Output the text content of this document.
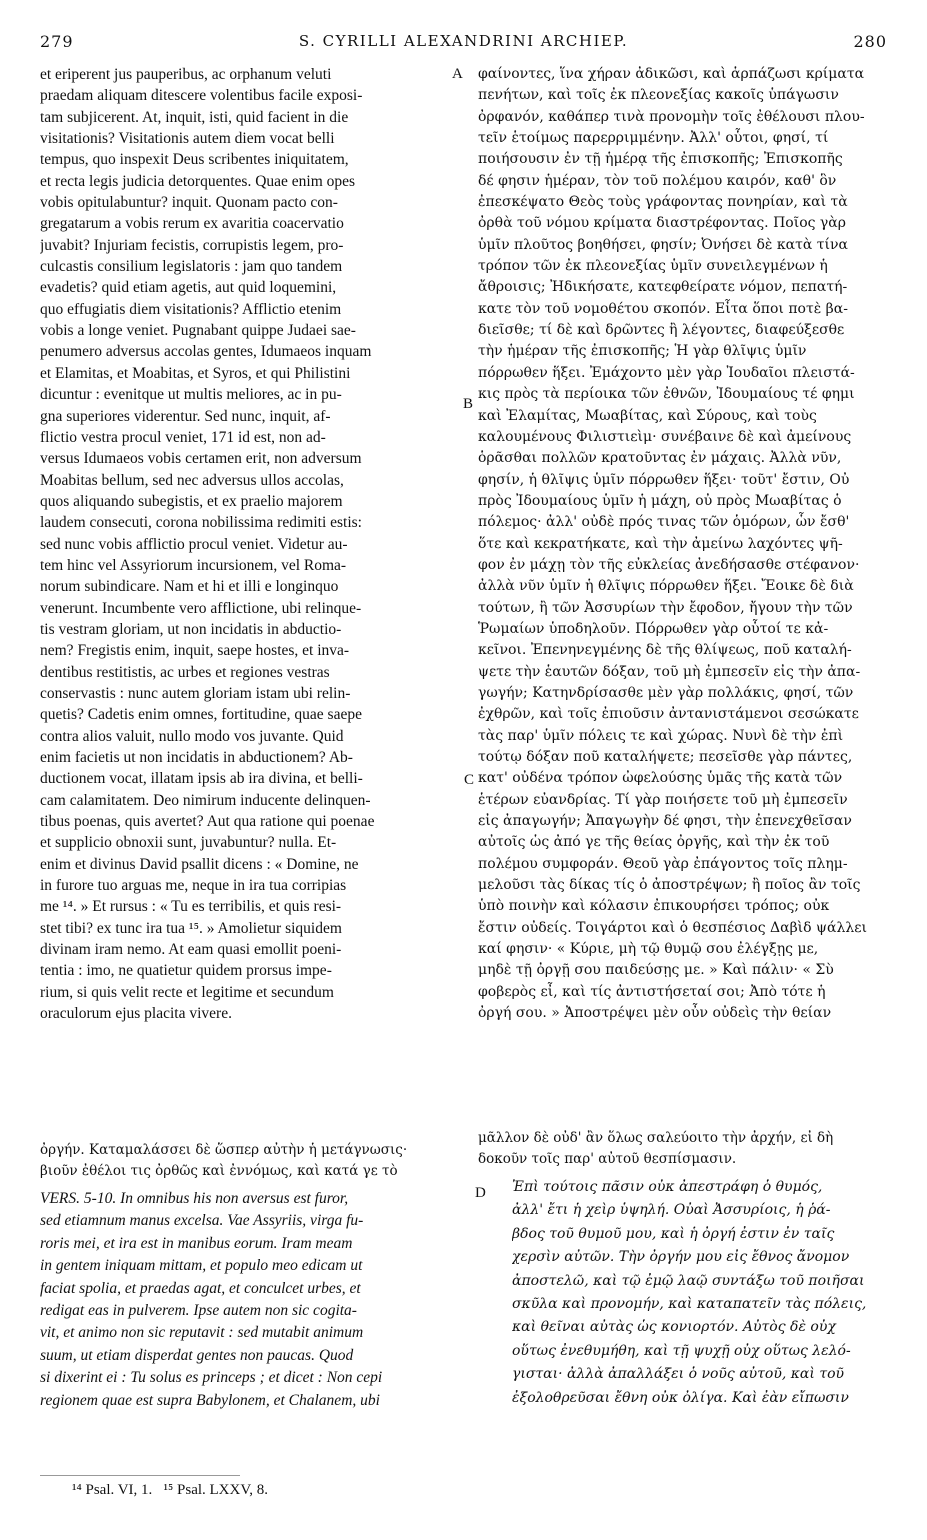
279	S. CYRILLI ALEXANDRINI ARCHIEP.	280

et eriperent jus pauperibus, ac orphanum veluti
praedam aliquam ditescere volentibus facile exposi-
tam subjicerent. At, inquit, isti, quid facient in die
visitationis? Visitationis autem diem vocat belli
tempus, quo inspexit Deus scribentes iniquitatem,
et recta legis judicia detorquentes. Quae enim opes
vobis opitulabuntur? inquit. Quonam pacto con-
gregatarum a vobis rerum ex avaritia coacervatio
juvabit? Injuriam fecistis, corrupistis legem, pro-
culcastis consilium legislatoris : jam quo tandem
evadetis? quid etiam agetis, aut quid loquemini,
quo effugiatis diem visitationis? Afflictio etenim
vobis a longe veniet. Pugnabant quippe Judaei sae-
penumero adversus accolas gentes, Idumaeos inquam
et Elamitas, et Moabitas, et Syros, et qui Philistini
dicuntur : evenitque ut multis meliores, ac in pu-
gna superiores viderentur. Sed nunc, inquit, af-
flictio vestra procul veniet, 171 id est, non ad-
versus Idumaeos vobis certamen erit, non adversum
Moabitas bellum, sed nec adversus ullos accolas,
quos aliquando subegistis, et ex praelio majorem
laudem consecuti, corona nobilissima redimiti estis:
sed nunc vobis afflictio procul veniet. Videtur au-
tem hinc vel Assyriorum incursionem, vel Roma-
norum subindicare. Nam et hi et illi e longinquo
venerunt. Incumbente vero afflictione, ubi relinque-
tis vestram gloriam, ut non incidatis in abductio-
nem? Fregistis enim, inquit, saepe hostes, et inva-
dentibus restitistis, ac urbes et regiones vestras
conservastis : nunc autem gloriam istam ubi relin-
quetis? Cadetis enim omnes, fortitudine, quae saepe
contra alios valuit, nullo modo vos juvante. Quid
enim facietis ut non incidatis in abductionem? Ab-
ductionem vocat, illatam ipsis ab ira divina, et belli-
cam calamitatem. Deo nimirum inducente delinquen-
tibus poenas, quis avertet? Aut qua ratione qui poenae
et supplicio obnoxii sunt, juvabuntur? nulla. Et-
enim et divinus David psallit dicens : « Domine, ne
in furore tuo arguas me, neque in ira tua corripias
me ¹⁴. » Et rursus : « Tu es terribilis, et quis resi-
stet tibi? ex tunc ira tua ¹⁵. » Amolietur siquidem
divinam iram nemo. At eam quasi emollit poeni-
tentia : imo, ne quatietur quidem prorsus impe-
rium, si quis velit recte et legitime et secundum
oraculorum ejus placita vivere.

φαίνοντες, ἵνα χήραν ἀδικῶσι, καὶ ἁρπάζωσι κρίματα
πενήτων, καὶ τοῖς ἐκ πλεονεξίας κακοῖς ὑπάγωσιν
ὀρφανόν, καθάπερ τινὰ προνομὴν τοῖς ἐθέλουσι πλου-
τεῖν ἑτοίμως παρερριμμένην. Ἀλλ' οὗτοι, φησί, τί
ποιήσουσιν ἐν τῇ ἡμέρᾳ τῆς ἐπισκοπῆς; Ἐπισκοπῆς
δέ φησιν ἡμέραν, τὸν τοῦ πολέμου καιρόν, καθ' ὃν
ἐπεσκέψατο Θεὸς τοὺς γράφοντας πονηρίαν, καὶ τὰ
ὀρθὰ τοῦ νόμου κρίματα διαστρέφοντας. Ποῖος γὰρ
ὑμῖν πλοῦτος βοηθήσει, φησίν; Ὀνήσει δὲ κατὰ τίνα
τρόπον τῶν ἐκ πλεονεξίας ὑμῖν συνειλεγμένων ἡ
ἄθροισις; Ἠδικήσατε, κατεφθείρατε νόμον, πεπατή-
κατε τὸν τοῦ νομοθέτου σκοπόν. Εἶτα ὅποι ποτὲ βα-
διεῖσθε; τί δὲ καὶ δρῶντες ἢ λέγοντες, διαφεύξεσθε
τὴν ἡμέραν τῆς ἐπισκοπῆς; Ἡ γὰρ θλῖψις ὑμῖν
πόρρωθεν ἥξει. Ἐμάχοντο μὲν γὰρ Ἰουδαῖοι πλειστά-
κις πρὸς τὰ περίοικα τῶν ἐθνῶν, Ἰδουμαίους τέ φημι
καὶ Ἐλαμίτας, Μωαβίτας, καὶ Σύρους, καὶ τοὺς
καλουμένους Φιλιστιεὶμ· συνέβαινε δὲ καὶ ἀμείνους
ὁρᾶσθαι πολλῶν κρατοῦντας ἐν μάχαις. Ἀλλὰ νῦν,
φησίν, ἡ θλῖψις ὑμῖν πόρρωθεν ἥξει· τοῦτ' ἔστιν, Οὐ
πρὸς Ἰδουμαίους ὑμῖν ἡ μάχη, οὐ πρὸς Μωαβίτας ὁ
πόλεμος· ἀλλ' οὐδὲ πρός τινας τῶν ὁμόρων, ὧν ἔσθ'
ὅτε καὶ κεκρατήκατε, καὶ τὴν ἀμείνω λαχόντες ψῆ-
φον ἐν μάχῃ τὸν τῆς εὐκλείας ἀνεδήσασθε στέφανον·
ἀλλὰ νῦν ὑμῖν ἡ θλῖψις πόρρωθεν ἥξει. Ἔοικε δὲ διὰ
τούτων, ἢ τῶν Ἀσσυρίων τὴν ἔφοδον, ἤγουν τὴν τῶν
Ῥωμαίων ὑποδηλοῦν. Πόρρωθεν γὰρ οὗτοί τε κἀ-
κεῖνοι. Ἐπενηνεγμένης δὲ τῆς θλίψεως, ποῦ καταλή-
ψετε τὴν ἑαυτῶν δόξαν, τοῦ μὴ ἐμπεσεῖν εἰς τὴν ἀπα-
γωγήν; Κατηνδρίσασθε μὲν γὰρ πολλάκις, φησί, τῶν
ἐχθρῶν, καὶ τοῖς ἐπιοῦσιν ἀντανιστάμενοι σεσώκατε
τὰς παρ' ὑμῖν πόλεις τε καὶ χώρας. Νυνὶ δὲ τὴν ἐπὶ
τούτῳ δόξαν ποῦ καταλήψετε; πεσεῖσθε γὰρ πάντες,
κατ' οὐδένα τρόπον ὠφελούσης ὑμᾶς τῆς κατὰ τῶν
ἑτέρων εὐανδρίας. Τί γὰρ ποιήσετε τοῦ μὴ ἐμπεσεῖν
εἰς ἀπαγωγήν; Ἀπαγωγὴν δέ φησι, τὴν ἐπενεχθεῖσαν
αὐτοῖς ὡς ἀπό γε τῆς θείας ὀργῆς, καὶ τὴν ἐκ τοῦ
πολέμου συμφοράν. Θεοῦ γὰρ ἐπάγοντος τοῖς πλημ-
μελοῦσι τὰς δίκας τίς ὁ ἀποστρέψων; ἢ ποῖος ἂν τοῖς
ὑπὸ ποινὴν καὶ κόλασιν ἐπικουρήσει τρόπος; οὐκ
ἔστιν οὐδείς. Τοιγάρτοι καὶ ὁ θεσπέσιος Δαβὶδ ψάλλει
καί φησιν· « Κύριε, μὴ τῷ θυμῷ σου ἐλέγξῃς με,
μηδὲ τῇ ὀργῇ σου παιδεύσῃς με. » Καὶ πάλιν· « Σὺ
φοβερὸς εἶ, καὶ τίς ἀντιστήσεταί σοι; Ἀπὸ τότε ἡ
ὀργή σου. » Ἀποστρέψει μὲν οὖν οὐδεὶς τὴν θείαν

ὀργήν. Καταμαλάσσει δὲ ὥσπερ αὐτὴν ἡ μετάγνωσις·
βιοῦν ἐθέλοι τις ὀρθῶς καὶ ἐννόμως, καὶ κατά γε τὸ

μᾶλλον δὲ οὐδ' ἂν ὅλως σαλεύοιτο τὴν ἀρχήν, εἰ δὴ
δοκοῦν τοῖς παρ' αὐτοῦ θεσπίσμασιν.

VERS. 5-10. In omnibus his non aversus est furor,
sed etiamnum manus excelsa. Vae Assyriis, virga fu-
roris mei, et ira est in manibus eorum. Iram meam
in gentem iniquam mittam, et populo meo edicam ut
faciat spolia, et praedas agat, et conculcet urbes, et
redigat eas in pulverem. Ipse autem non sic cogita-
vit, et animo non sic reputavit : sed mutabit animum
suum, ut etiam disperdat gentes non paucas. Quod
si dixerint ei : Tu solus es princeps ; et dicet : Non cepi
regionem quae est supra Babylonem, et Chalanem, ubi

Ἐπὶ τούτοις πᾶσιν οὐκ ἀπεστράφη ὁ θυμός,
ἀλλ' ἔτι ἡ χεὶρ ὑψηλή. Οὐαὶ Ἀσσυρίοις, ἡ ῥά-
βδος τοῦ θυμοῦ μου, καὶ ἡ ὀργή ἐστιν ἐν ταῖς
χερσὶν αὐτῶν. Τὴν ὀργήν μου εἰς ἔθνος ἄνομον
ἀποστελῶ, καὶ τῷ ἐμῷ λαῷ συντάξω τοῦ ποιῆσαι
σκῦλα καὶ προνομήν, καὶ καταπατεῖν τὰς πόλεις,
καὶ θεῖναι αὐτὰς ὡς κονιορτόν. Αὐτὸς δὲ οὐχ
οὕτως ἐνεθυμήθη, καὶ τῇ ψυχῇ οὐχ οὕτως λελό-
γισται· ἀλλὰ ἀπαλλάξει ὁ νοῦς αὐτοῦ, καὶ τοῦ
ἐξολοθρεῦσαι ἔθνη οὐκ ὀλίγα. Καὶ ἐὰν εἴπωσιν

A
B
C
D
¹⁴ Psal. VI, 1.   ¹⁵ Psal. LXXV, 8.
